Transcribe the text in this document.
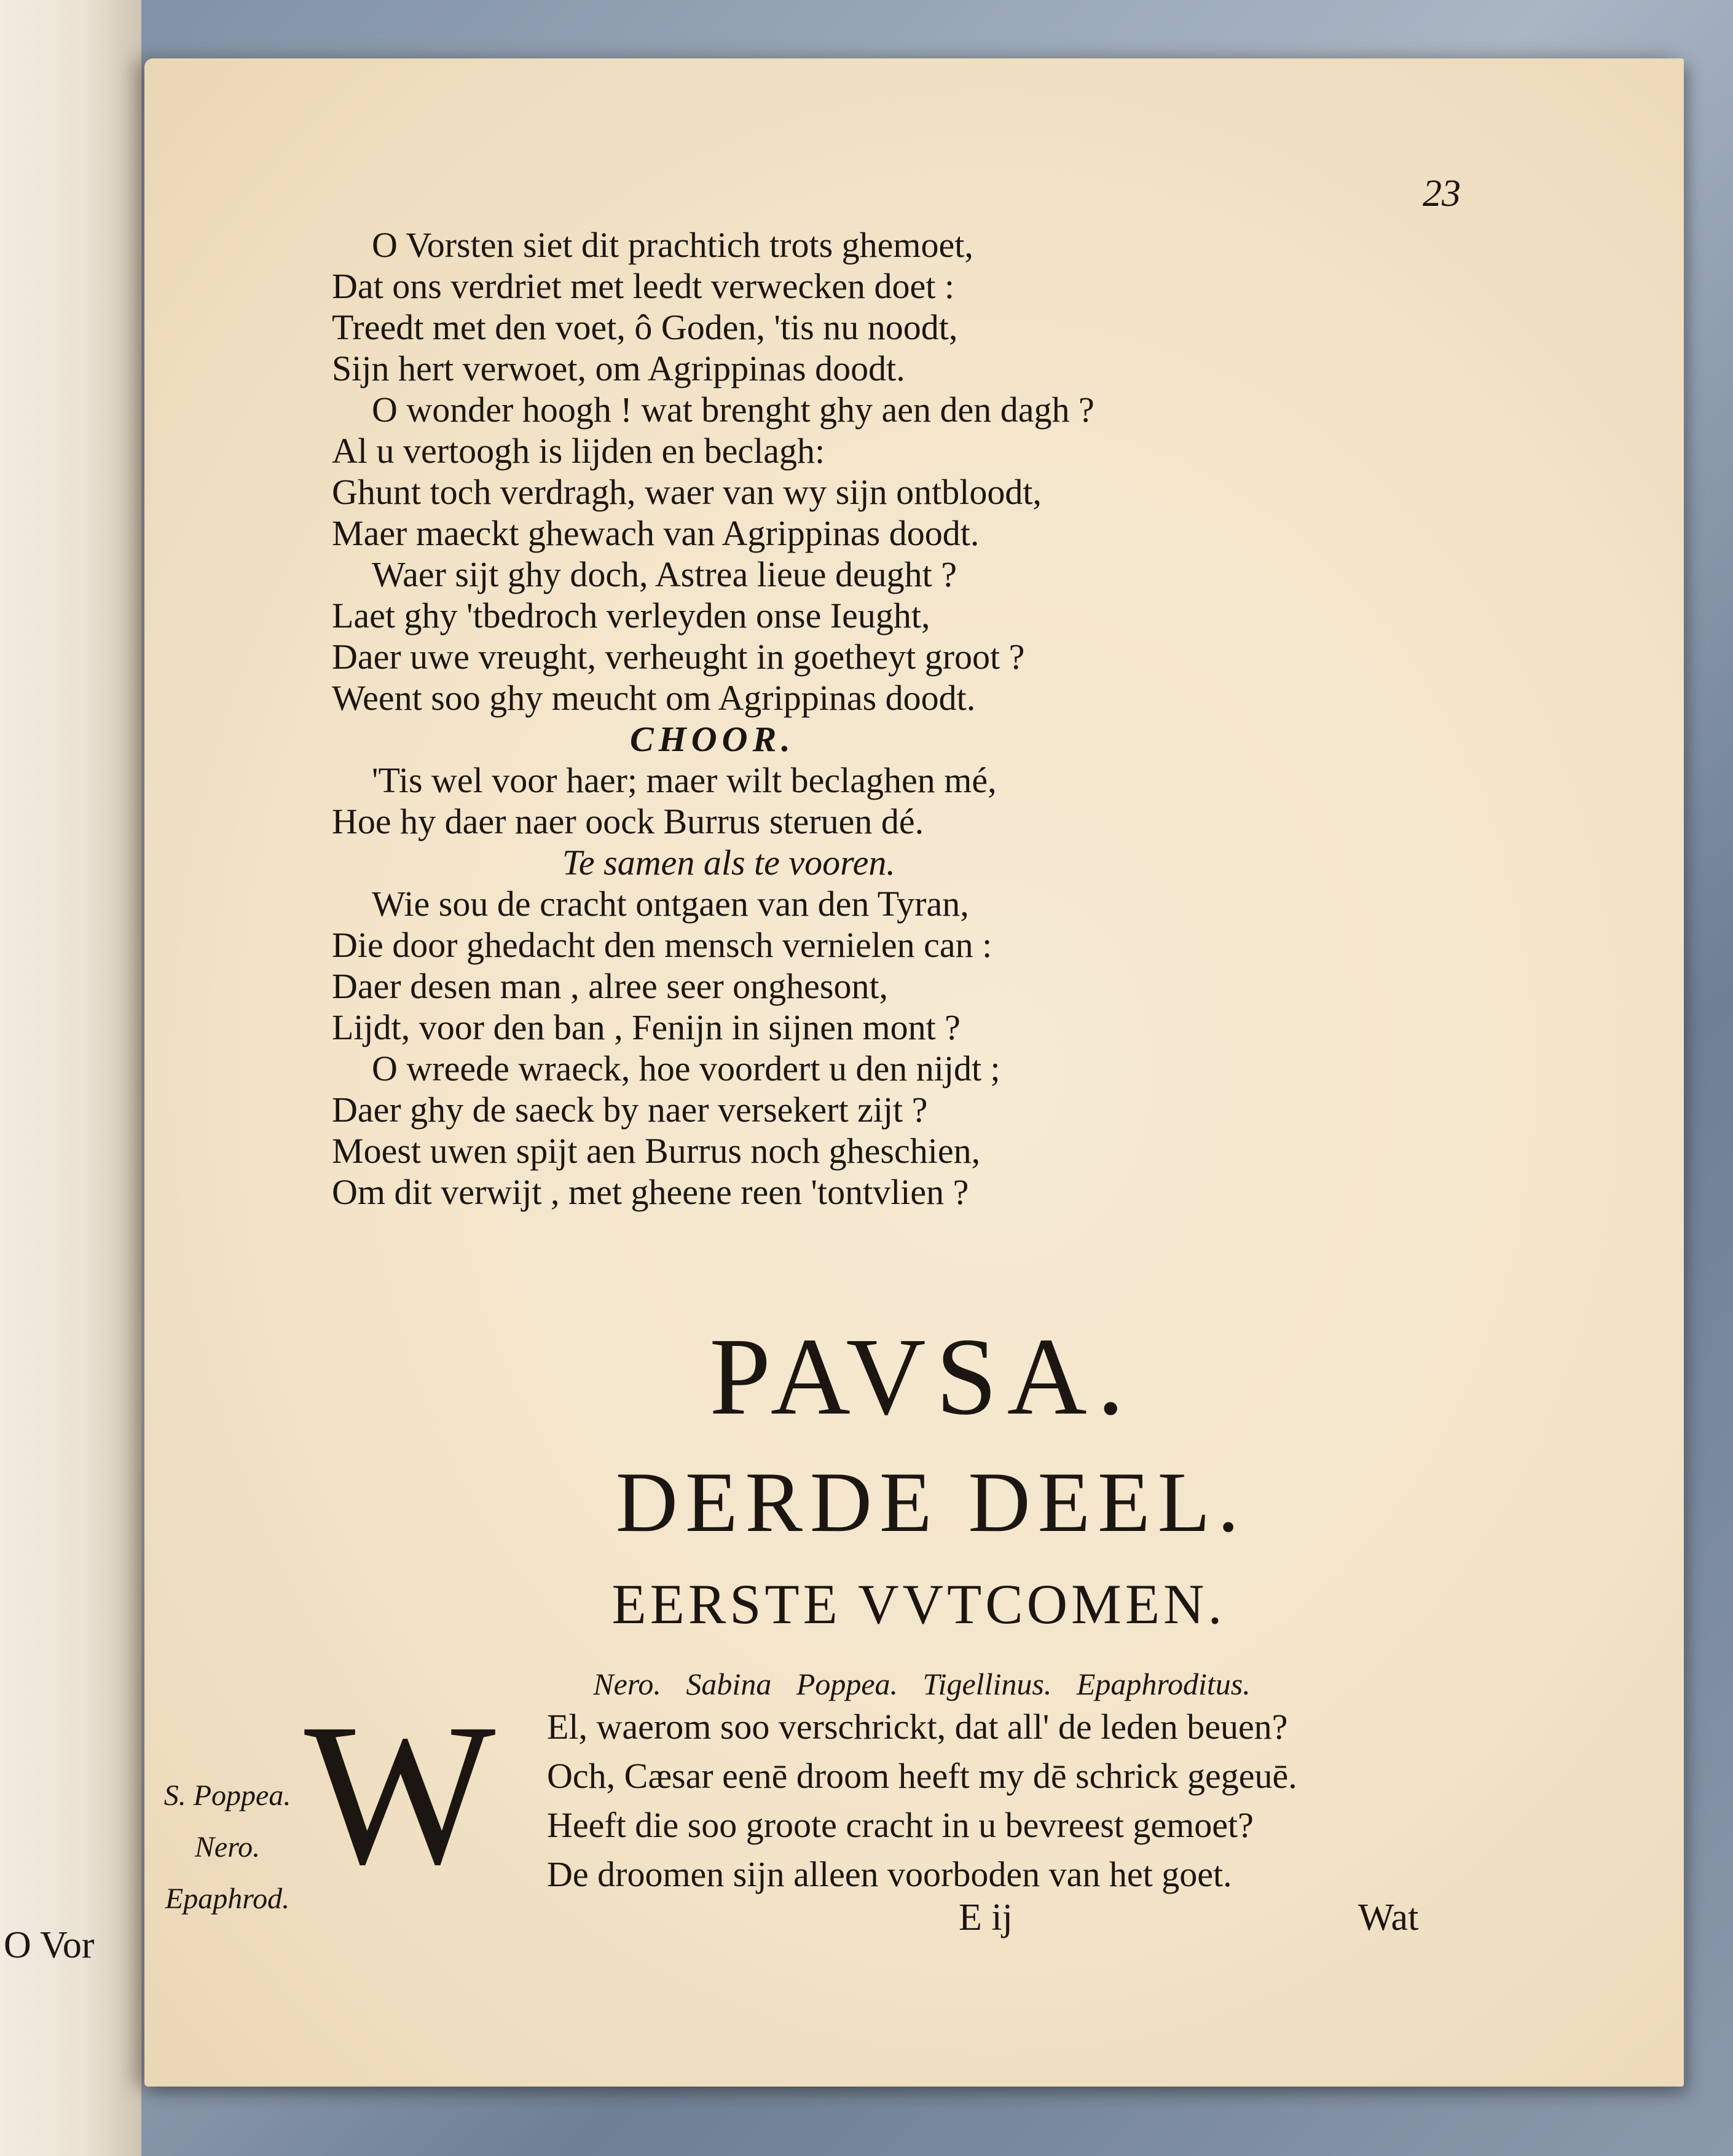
O Vor
23
O Vorsten siet dit prachtich trots ghemoet,
Dat ons verdriet met leedt verwecken doet :
Treedt met den voet, ô Goden, 'tis nu noodt,
Sijn hert verwoet, om Agrippinas doodt.
O wonder hoogh ! wat brenght ghy aen den dagh ?
Al u vertoogh is lijden en beclagh:
Ghunt toch verdragh, waer van wy sijn ontbloodt,
Maer maeckt ghewach van Agrippinas doodt.
Waer sijt ghy doch, Astrea lieue deught ?
Laet ghy 'tbedroch verleyden onse Ieught,
Daer uwe vreught, verheught in goetheyt groot ?
Weent soo ghy meucht om Agrippinas doodt.
CHOOR.
'Tis wel voor haer; maer wilt beclaghen mé,
Hoe hy daer naer oock Burrus steruen dé.
Te samen als te vooren.
Wie sou de cracht ontgaen van den Tyran,
Die door ghedacht den mensch vernielen can :
Daer desen man , alree seer onghesont,
Lijdt, voor den ban , Fenijn in sijnen mont ?
O wreede wraeck, hoe voordert u den nijdt ;
Daer ghy de saeck by naer versekert zijt ?
Moest uwen spijt aen Burrus noch gheschien,
Om dit verwijt , met gheene reen 'tontvlien ?
PAVSA.
DERDE DEEL.
EERSTE VVTCOMEN.
Nero. Sabina Poppea. Tigellinus. Epaphroditus.
W
S. Poppea.
Nero.
Epaphrod.
El, waerom soo verschrickt, dat all' de leden beuen?
Och, Cæsar eenē droom heeft my dē schrick gegeuē.
Heeft die soo groote cracht in u bevreest gemoet?
De droomen sijn alleen voorboden van het goet.
E ij	Wat
